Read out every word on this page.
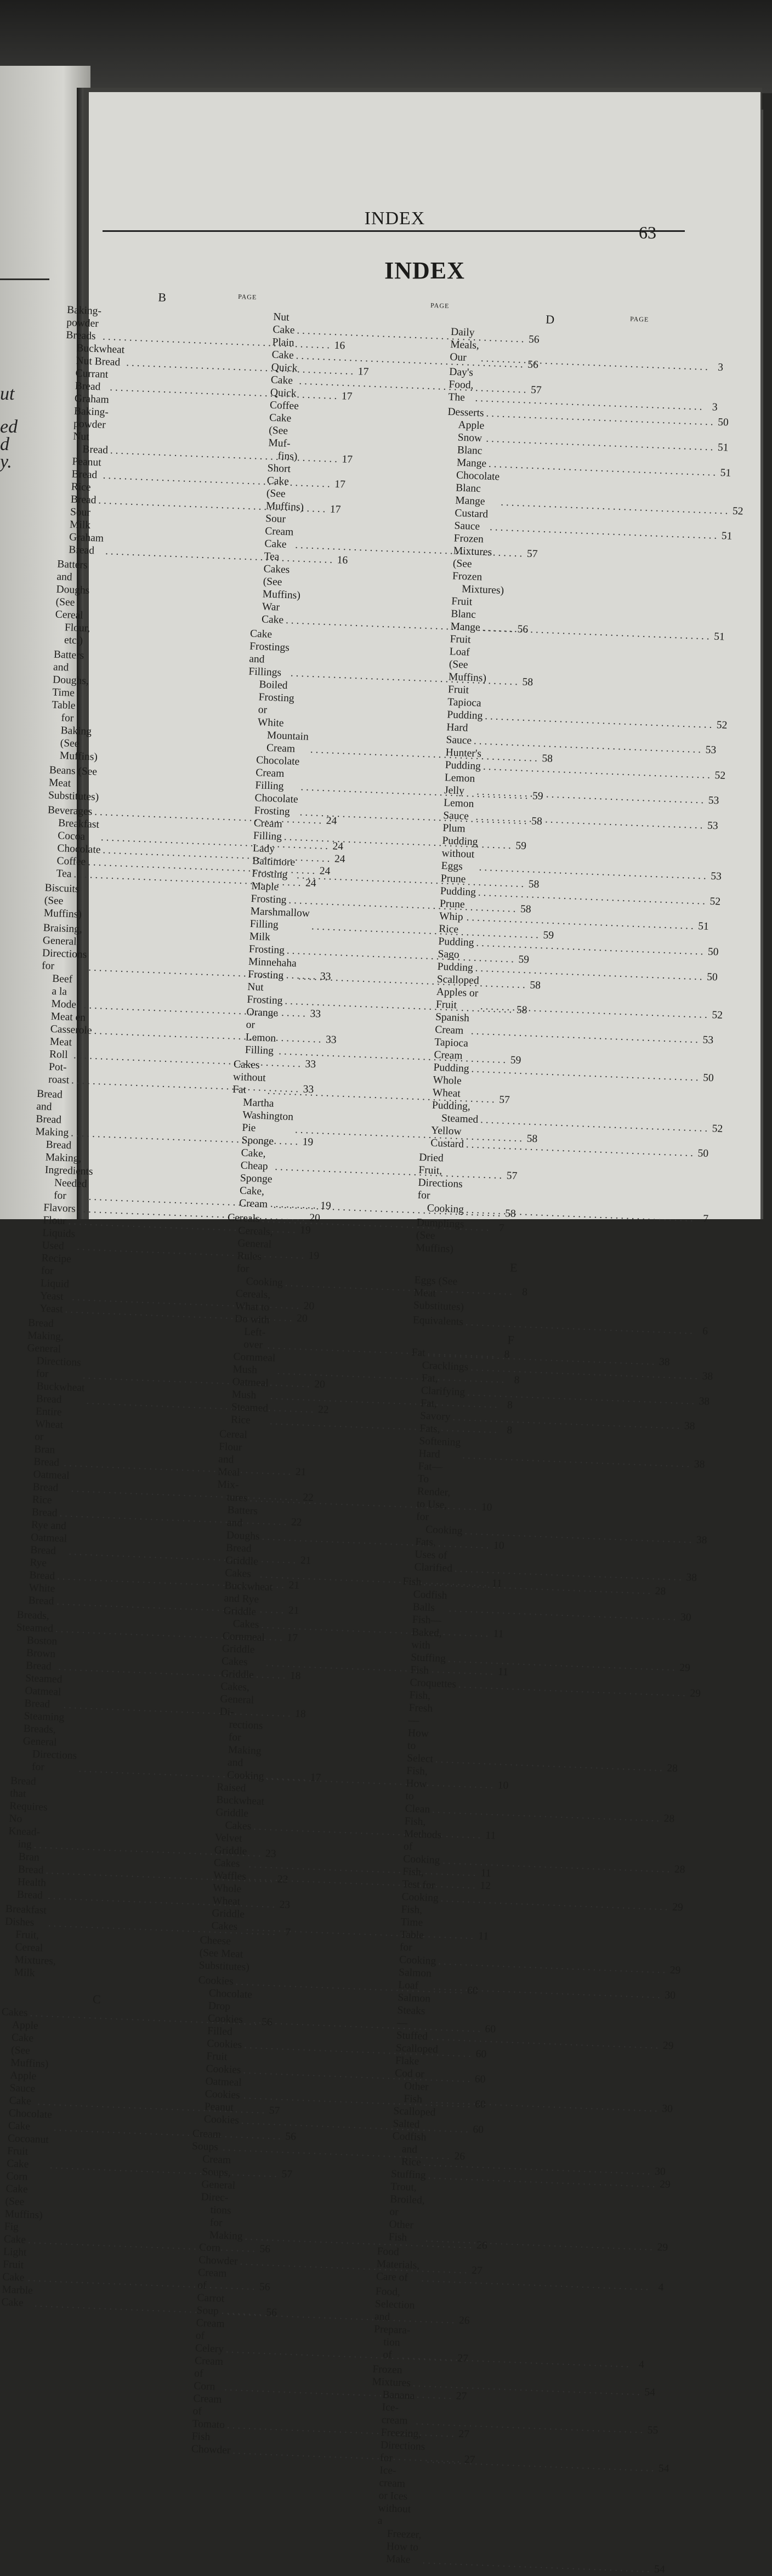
ut
ed
d
y.
INDEX
63
INDEX
B	PAGE
Baking-powder Breads
. . .
16
Buckwheat Nut Bread
. . .
17
Currant Bread
. . .
17
Graham Baking-powder Nut
Bread
. . .
17
Peanut Bread
. . .
17
Rice Bread
. . .
17
Sour Milk Graham Bread
. . .
16
Batters and Doughs (See Cereal
Flour, etc.)
Batters and Doughs, Time Table
for Baking (See Muffins)
Beans (See Meat Substitutes)
Beverages
. . .
24
Breakfast Cocoa
. . .
24
Chocolate
. . .
24
Coffee
. . .
24
Tea
. . .
24
Biscuits (See Muffins)
Braising, General Directions for
. . .
33
Beef a la Mode
. . .
33
Meat en Casserole
. . .
33
Meat Roll
. . .
33
Pot-roast
. . .
33
Bread and Bread Making
. . .
19
Bread Making, Ingredients
Needed for
. . .
19
Flavors
. . .
20
Flour
. . .
19
Liquids Used
. . .
19
Recipe for Liquid Yeast
. . .
20
Yeast
. . .
20
Bread Making, General
Directions for
. . .
20
Buckwheat Bread
. . .
22
Entire Wheat or Bran Bread
. . .
21
Oatmeal Bread
. . .
22
Rice Bread
. . .
22
Rye and Oatmeal Bread
. . .
21
Rye Bread
. . .
21
White Bread
. . .
21
Breads, Steamed
. . .
17
Boston Brown Bread
. . .
18
Steamed Oatmeal Bread
. . .
18
Steaming Breads, General
Directions for
. . .
17
Bread that Requires No Knead-
ing
. . .
23
Bran Bread
. . .
23
Health Bread
. . .
23
Breakfast Dishes
. . .
7
Fruit, Cereal Mixtures, Milk
C
Cakes
. . .
56
Apple Cake (See Muffins)
Apple Sauce Cake
. . .
57
Chocolate Cake
. . .
56
Cocoanut Fruit Cake
. . .
57
Corn Cake (See Muffins)
Fig Cake
. . .
56
Light Fruit Cake
. . .
56
Marble Cake
. . .
56
PAGE
Nut Cake
. . .
56
Plain Cake
. . .
56
Quick Cake
. . .
57
Quick Coffee Cake (See Muf-
fins)
Short Cake (See Muffins)
Sour Cream Cake
. . .
57
Tea Cakes (See Muffins)
War Cake
. . .
56
Cake Frostings and Fillings
. . .
58
Boiled Frosting or White
Mountain Cream
. . .
58
Chocolate Cream Filling
. . .
59
Chocolate Frosting
. . .
58
Cream Filling
. . .
59
Lady Baltimore Frosting
. . .
58
Maple Frosting
. . .
58
Marshmallow Filling
. . .
59
Milk Frosting
. . .
59
Minnehaha Frosting
. . .
58
Nut Frosting
. . .
58
Orange or Lemon Filling
. . .
59
Cakes without Fat
. . .
57
Martha Washington Pie
. . .
58
Sponge Cake, Cheap
. . .
57
Sponge Cake, Cream
. . .
58
Cereals
. . .
7
Cereals, General Rules for
Cooking
. . .
8
Cereals, What to Do with
Left-over
. . .
8
Cornmeal Mush
. . .
8
Oatmeal Mush
. . .
8
Steamed Rice
. . .
8
Cereal Flour and Meal Mix-
tures
. . .
10
Batters and Doughs
. . .
10
Bread Griddle Cakes
. . .
11
Buckwheat and Rye Griddle
Cakes
. . .
11
Cornmeal Griddle Cakes
. . .
11
Griddle Cakes, General Di-
rections for Making and
Cooking
. . .
10
Raised Buckwheat Griddle
Cakes
. . .
11
Velvet Griddle Cakes
. . .
11
Waffles
. . .
12
Whole Wheat Griddle Cakes
. . .
11
Cheese (See Meat Substitutes)
Cookies
. . .
60
Chocolate Drop Cookies
. . .
60
Filled Cookies
. . .
60
Fruit Cookies
. . .
60
Oatmeal Cookies
. . .
60
Peanut Cookies
. . .
60
Cream Soups
. . .
26
Cream Soups, General Direc-
tions for Making
. . .
26
Corn Chowder
. . .
27
Cream of Carrot Soup
. . .
26
Cream of Celery
. . .
27
Cream of Corn
. . .
27
Cream of Tomato
. . .
27
Fish Chowder
. . .
27
D	PAGE
Daily Meals, Our
. . .
3
Day's Food, The
. . .
3
Desserts
. . .
50
Apple Snow
. . .
51
Blanc Mange
. . .
51
Chocolate Blanc Mange
. . .
52
Custard Sauce
. . .
51
Frozen Mixtures (See Frozen
Mixtures)
Fruit Blanc Mange
. . .
51
Fruit Loaf (See Muffins)
Fruit Tapioca Pudding
. . .
52
Hard Sauce
. . .
53
Hunter's Pudding
. . .
52
Lemon Jelly
. . .
53
Lemon Sauce
. . .
53
Plum Pudding without Eggs
. . .
53
Prune Pudding
. . .
52
Prune Whip
. . .
51
Rice Pudding
. . .
50
Sago Pudding
. . .
50
Scalloped Apples or Fruit
. . .
52
Spanish Cream
. . .
53
Tapioca Cream Pudding
. . .
50
Whole Wheat Pudding,
Steamed
. . .
52
Yellow Custard
. . .
50
Dried Fruit, Directions for
Cooking
. . .
7
Dumplings (See Muffins)
E
Eggs (See Meat Substitutes)
Equivalents
. . .
6
F
Fat
. . .
38
Cracklings
. . .
38
Fat, Clarifying
. . .
38
Fat, Savory
. . .
38
Fats, Softening Hard
. . .
38
Fat—To Render, to Use, for
Cooking
. . .
38
Fats, Uses of Clarified
. . .
38
Fish
. . .
28
Codfish Balls
. . .
30
Fish—Baked, with Stuffing
. . .
29
Fish Croquettes
. . .
29
Fish, Fresh—How to Select
. . .
28
Fish, How to Clean
. . .
28
Fish, Methods of Cooking
. . .
28
Fish, Test for Cooking
. . .
29
Fish, Time Table for Cooking
. . .
29
Salmon Loaf
. . .
30
Salmon Steaks—Stuffed
. . .
29
Scalloped Flake Cod or
Other Fish
. . .
30
Scalloped Salted Codfish
and Rice
. . .
30
Stuffing
. . .
29
Trout, Broiled, or Other Fish
. . .
29
Food Materials, Care of
. . .
4
Food, Selection and Prepara-
tion of
. . .
4
Frozen Mixtures
. . .
54
Banana Ice-cream
. . .
55
Freezing, Directions for
. . .
54
Ice-cream or Ices without a
Freezer, How to Make
. . .
54
